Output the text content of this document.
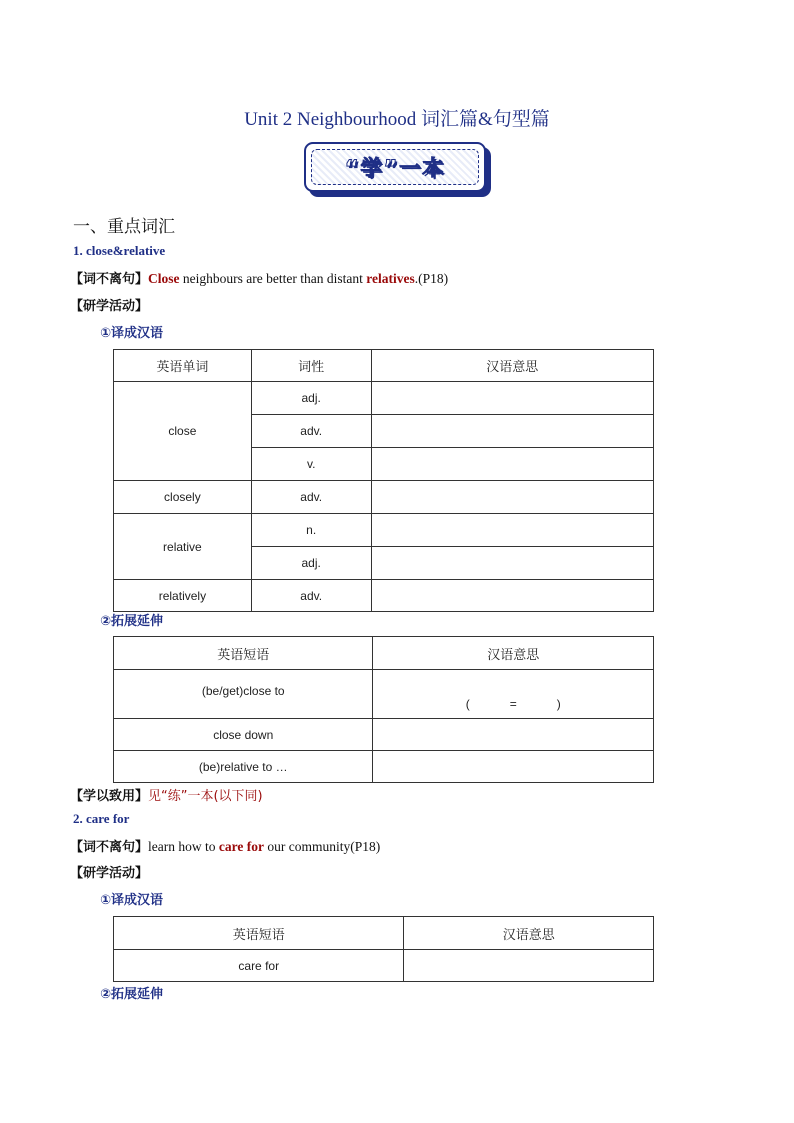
Unit 2 Neighbourhood 词汇篇&句型篇
“学”一本
一、重点词汇
1. close&relative
【词不离句】Close neighbours are better than distant relatives.(P18)
【研学活动】
①译成汉语
英语单词	词性	汉语意思
close	adj.	
	adv.	
	v.	
closely	adv.	
relative	n.	
	adj.	
relatively	adv.	
②拓展延伸
英语短语	汉语意思
(be/get)close to	(            =            )
close down	
(be)relative to …	
【学以致用】见“练”一本(以下同)
2. care for
【词不离句】learn how to care for our community(P18)
【研学活动】
①译成汉语
英语短语	汉语意思
care for	
②拓展延伸
